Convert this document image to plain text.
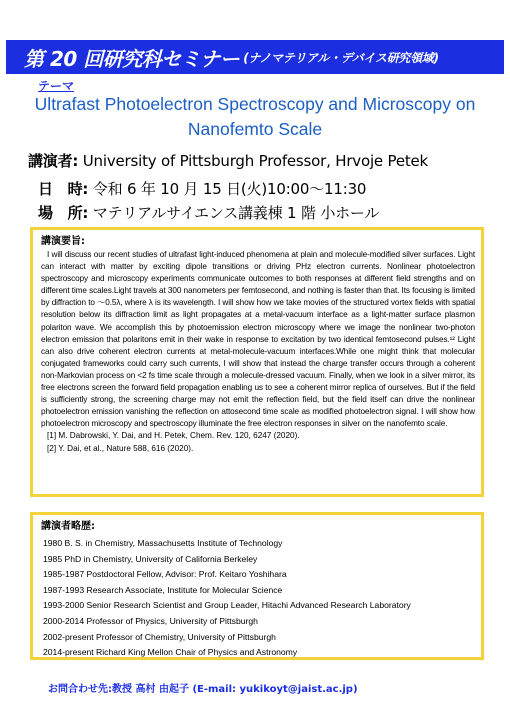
第 20 回研究科セミナー (ナノマテリアル・デバイス研究領域)
テーマ
Ultrafast Photoelectron Spectroscopy and Microscopy on
Nanofemto Scale
講演者: University of Pittsburgh Professor, Hrvoje Petek
日　時: 令和 6 年 10 月 15 日(火)10:00～11:30
場　所: マテリアルサイエンス講義棟 1 階 小ホール
講演要旨:

I will discuss our recent studies of ultrafast light-induced phenomena at plain and molecule-modified silver surfaces. Light can interact with matter by exciting dipole transitions or driving PHz electron currents. Nonlinear photoelectron spectroscopy and microscopy experiments communicate outcomes to both responses at different field strengths and on different time scales.Light travels at 300 nanometers per femtosecond, and nothing is faster than that. Its focusing is limited by diffraction to ～0.5λ, where λ is its wavelength. I will show how we take movies of the structured vortex fields with spatial resolution below its diffraction limit as light propagates at a metal-vacuum interface as a light-matter surface plasmon polariton wave. We accomplish this by photoemission electron microscopy where we image the nonlinear two-photon electron emission that polaritons emit in their wake in response to excitation by two identical femtosecond pulses.¹² Light can also drive coherent electron currents at metal-molecule-vacuum interfaces.While one might think that molecular conjugated frameworks could carry such currents, I will show that instead the charge transfer occurs through a coherent non-Markovian process on <2 fs time scale through a molecule-dressed vacuum. Finally, when we look in a silver mirror, its free electrons screen the forward field propagation enabling us to see a coherent mirror replica of ourselves. But if the field is sufficiently strong, the screening charge may not emit the reflection field, but the field itself can drive the nonlinear photoelectron emission vanishing the reflection on attosecond time scale as modified photoelectron signal. I will show how photoelectron microscopy and spectroscopy illuminate the free electron responses in silver on the nanofemto scale.

[1] M. Dabrowski, Y. Dai, and H. Petek, Chem. Rev. 120, 6247 (2020).
[2] Y. Dai, et al., Nature 588, 616 (2020).
講演者略歴:
1980 B. S. in Chemistry, Massachusetts Institute of Technology
1985 PhD in Chemistry, University of California Berkeley
1985-1987 Postdoctoral Fellow, Advisor: Prof. Keitaro Yoshihara
1987-1993 Research Associate, Institute for Molecular Science
1993-2000 Senior Research Scientist and Group Leader, Hitachi Advanced Research Laboratory
2000-2014 Professor of Physics, University of Pittsburgh
2002-present Professor of Chemistry, University of Pittsburgh
2014-present Richard King Mellon Chair of Physics and Astronomy
お問合わせ先:教授 高村 由起子 (E-mail: yukikoyt@jaist.ac.jp)
